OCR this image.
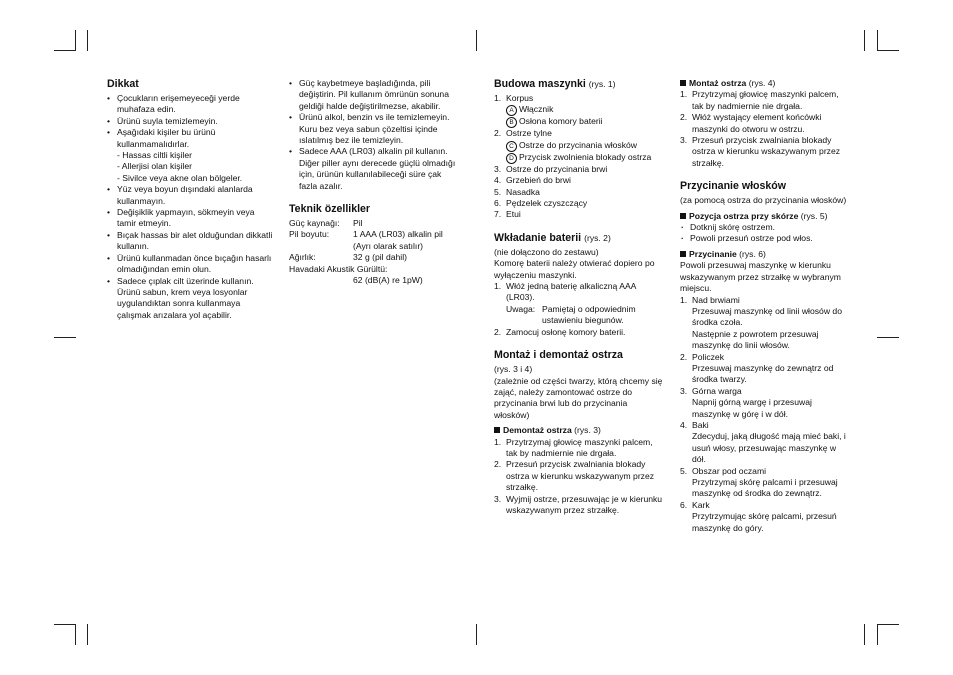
Dikkat
• Çocukların erişemeyeceği yerde muhafaza edin.
• Ürünü suyla temizlemeyin.
• Aşağıdaki kişiler bu ürünü kullanmamalıdırlar.
- Hassas ciltli kişiler
- Allerjisi olan kişiler
- Sivilce veya akne olan bölgeler.
• Yüz veya boyun dışındaki alanlarda kullanmayın.
• Değişiklik yapmayın, sökmeyin veya tamir etmeyin.
• Bıçak hassas bir alet olduğundan dikkatli kullanın.
• Ürünü kullanmadan önce bıçağın hasarlı olmadığından emin olun.
• Sadece çıplak cilt üzerinde kullanın. Ürünü sabun, krem veya losyonlar uygulandıktan sonra kullanmaya çalışmak arızalara yol açabilir.
• Güç kaybetmeye başladığında, pili değiştirin. Pil kullanım ömrünün sonuna geldiği halde değiştirilmezse, akabilir.
• Ürünü alkol, benzin vs ile temizlemeyin.
Kuru bez veya sabun çözeltisi içinde ıslatılmış bez ile temizleyin.
• Sadece AAA (LR03) alkalin pil kullanın. Diğer piller aynı derecede güçlü olmadığı için, ürünün kullanılabileceği süre çak fazla azalır.
Teknik özellikler
Güç kaynağı:	Pil
Pil boyutu:	1 AAA (LR03) alkalin pil
	(Ayrı olarak satılır)
Ağırlık:	32 g (pil dahil)
Havadaki Akustik Gürültü:
62 (dB(A) re 1pW)
Budowa maszynki (rys. 1)
1. Korpus
A Włącznik
B Osłona komory baterii
2. Ostrze tylne
C Ostrze do przycinania włosków
D Przycisk zwolnienia blokady ostrza
3. Ostrze do przycinania brwi
4. Grzebień do brwi
5. Nasadka
6. Pędzelek czyszczący
7. Etui
Wkładanie baterii (rys. 2)
(nie dołączono do zestawu)
Komorę baterii należy otwierać dopiero po wyłączeniu maszynki.
1. Włóż jedną baterię alkaliczną AAA (LR03).
Uwaga: Pamiętaj o odpowiednim ustawieniu biegunów.
2. Zamocuj osłonę komory baterii.
Montaż i demontaż ostrza
(rys. 3 i 4)
(zależnie od części twarzy, którą chcemy się zająć, należy zamontować ostrze do przycinania brwi lub do przycinania włosków)
Demontaż ostrza (rys. 3)
1. Przytrzymaj głowicę maszynki palcem, tak by nadmiernie nie drgała.
2. Przesuń przycisk zwalniania blokady ostrza w kierunku wskazywanym przez strzałkę.
3. Wyjmij ostrze, przesuwając je w kierunku wskazywanym przez strzałkę.
Montaż ostrza (rys. 4)
1. Przytrzymaj głowicę maszynki palcem, tak by nadmiernie nie drgała.
2. Włóż wystający element końcówki maszynki do otworu w ostrzu.
3. Przesuń przycisk zwalniania blokady ostrza w kierunku wskazywanym przez strzałkę.
Przycinanie włosków
(za pomocą ostrza do przycinania włosków)
Pozycja ostrza przy skórze (rys. 5)
· Dotknij skórę ostrzem.
· Powoli przesuń ostrze pod włos.
Przycinanie (rys. 6)
Powoli przesuwaj maszynkę w kierunku wskazywanym przez strzałkę w wybranym miejscu.
1. Nad brwiami
Przesuwaj maszynkę od linii włosów do środka czoła.
Następnie z powrotem przesuwaj maszynkę do linii włosów.
2. Policzek
Przesuwaj maszynkę do zewnątrz od środka twarzy.
3. Górna warga
Napnij górną wargę i przesuwaj maszynkę w górę i w dół.
4. Baki
Zdecyduj, jaką długość mają mieć baki, i usuń włosy, przesuwając maszynkę w dół.
5. Obszar pod oczami
Przytrzymaj skórę palcami i przesuwaj maszynkę od środka do zewnątrz.
6. Kark
Przytrzymując skórę palcami, przesuń maszynkę do góry.
